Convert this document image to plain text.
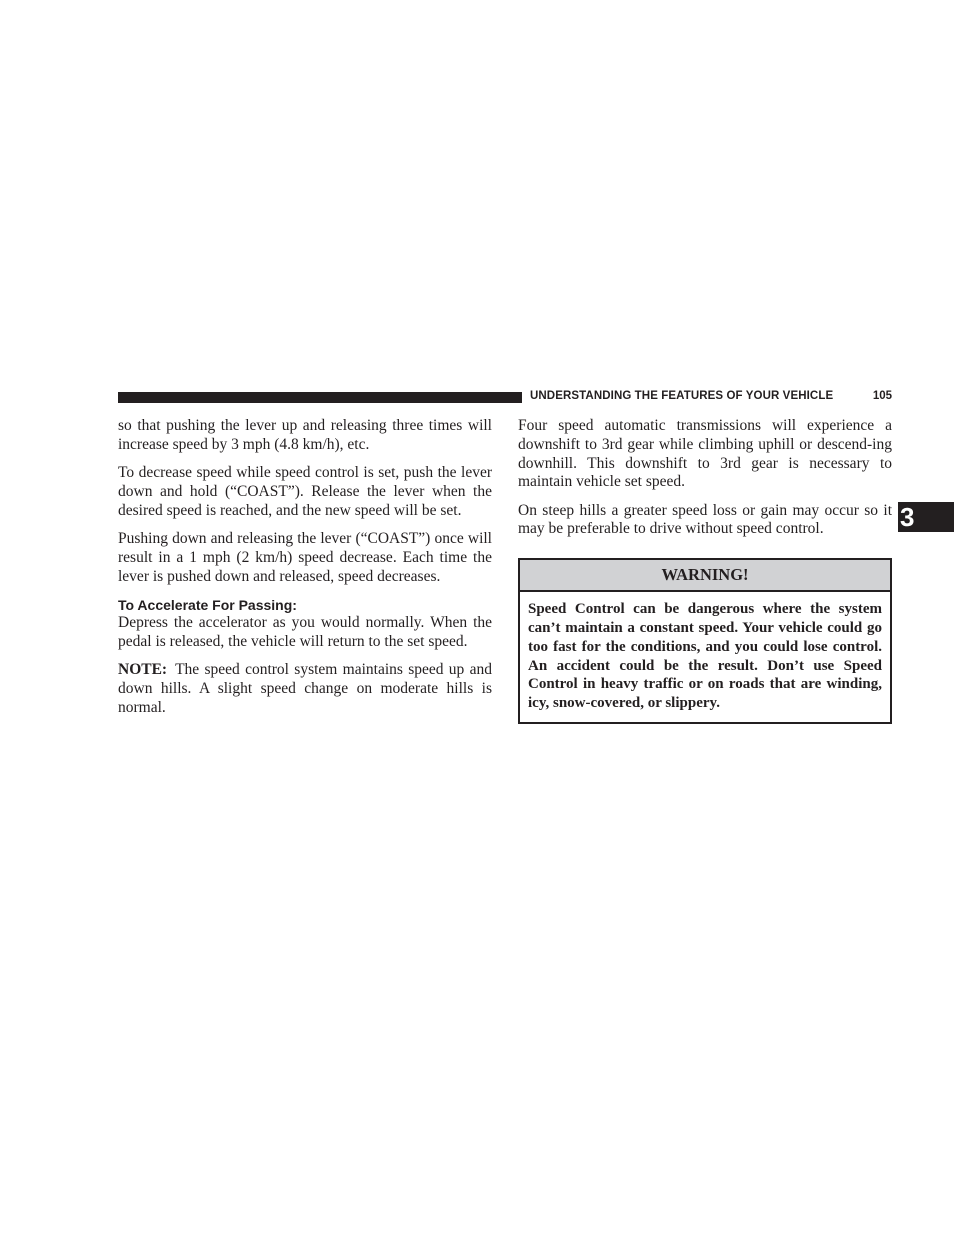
UNDERSTANDING THE FEATURES OF YOUR VEHICLE	105
3

so that pushing the lever up and releasing three times will increase speed by 3 mph (4.8 km/h), etc.

To decrease speed while speed control is set, push the lever down and hold (“COAST”). Release the lever when the desired speed is reached, and the new speed will be set.

Pushing down and releasing the lever (“COAST”) once will result in a 1 mph (2 km/h) speed decrease. Each time the lever is pushed down and released, speed decreases.

To Accelerate For Passing:

Depress the accelerator as you would normally. When the pedal is released, the vehicle will return to the set speed.

NOTE: The speed control system maintains speed up and down hills. A slight speed change on moderate hills is normal.

Four speed automatic transmissions will experience a downshift to 3rd gear while climbing uphill or descend-ing downhill. This downshift to 3rd gear is necessary to maintain vehicle set speed.

On steep hills a greater speed loss or gain may occur so it may be preferable to drive without speed control.

WARNING!
Speed Control can be dangerous where the system can’t maintain a constant speed. Your vehicle could go too fast for the conditions, and you could lose control. An accident could be the result. Don’t use Speed Control in heavy traffic or on roads that are winding, icy, snow-covered, or slippery.
